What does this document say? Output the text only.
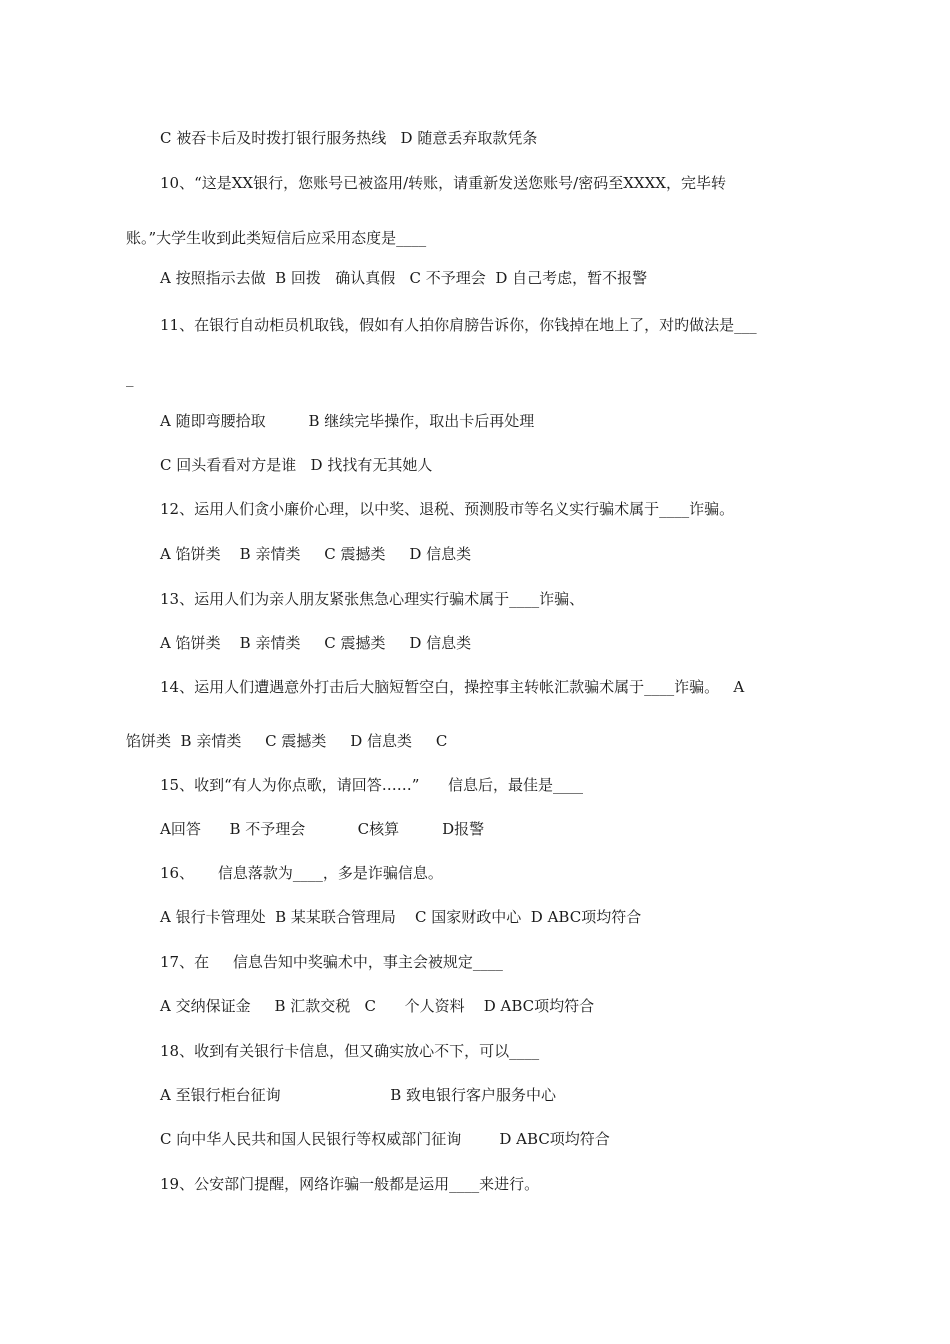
C 被吞卡后及时拨打银行服务热线   D 随意丢弃取款凭条
10、“这是XX银行，您账号已被盗用/转账，请重新发送您账号/密码至XXXX，完毕转
账。”大学生收到此类短信后应采用态度是____
A 按照指示去做  B 回拨   确认真假   C 不予理会  D 自己考虑，暂不报警
11、在银行自动柜员机取钱，假如有人拍你肩膀告诉你，你钱掉在地上了，对旳做法是___
_
A 随即弯腰拾取         B 继续完毕操作，取出卡后再处理
C 回头看看对方是谁   D 找找有无其她人
12、运用人们贪小廉价心理，以中奖、退税、预测股市等名义实行骗术属于____诈骗。
A 馅饼类    B 亲情类     C 震撼类     D 信息类
13、运用人们为亲人朋友紧张焦急心理实行骗术属于____诈骗、
A 馅饼类    B 亲情类     C 震撼类     D 信息类
14、运用人们遭遇意外打击后大脑短暂空白，操控事主转帐汇款骗术属于____诈骗。   A
馅饼类  B 亲情类     C 震撼类     D 信息类     C
15、收到“有人为你点歌，请回答……”      信息后，最佳是____
A回答      B 不予理会           C核算         D报警
16、     信息落款为____，多是诈骗信息。
A 银行卡管理处  B 某某联合管理局    C 国家财政中心  D ABC项均符合
17、在     信息告知中奖骗术中，事主会被规定____
A 交纳保证金     B 汇款交税   C      个人资料    D ABC项均符合
18、收到有关银行卡信息，但又确实放心不下，可以____
A 至银行柜台征询                       B 致电银行客户服务中心
C 向中华人民共和国人民银行等权威部门征询        D ABC项均符合
19、公安部门提醒，网络诈骗一般都是运用____来进行。
